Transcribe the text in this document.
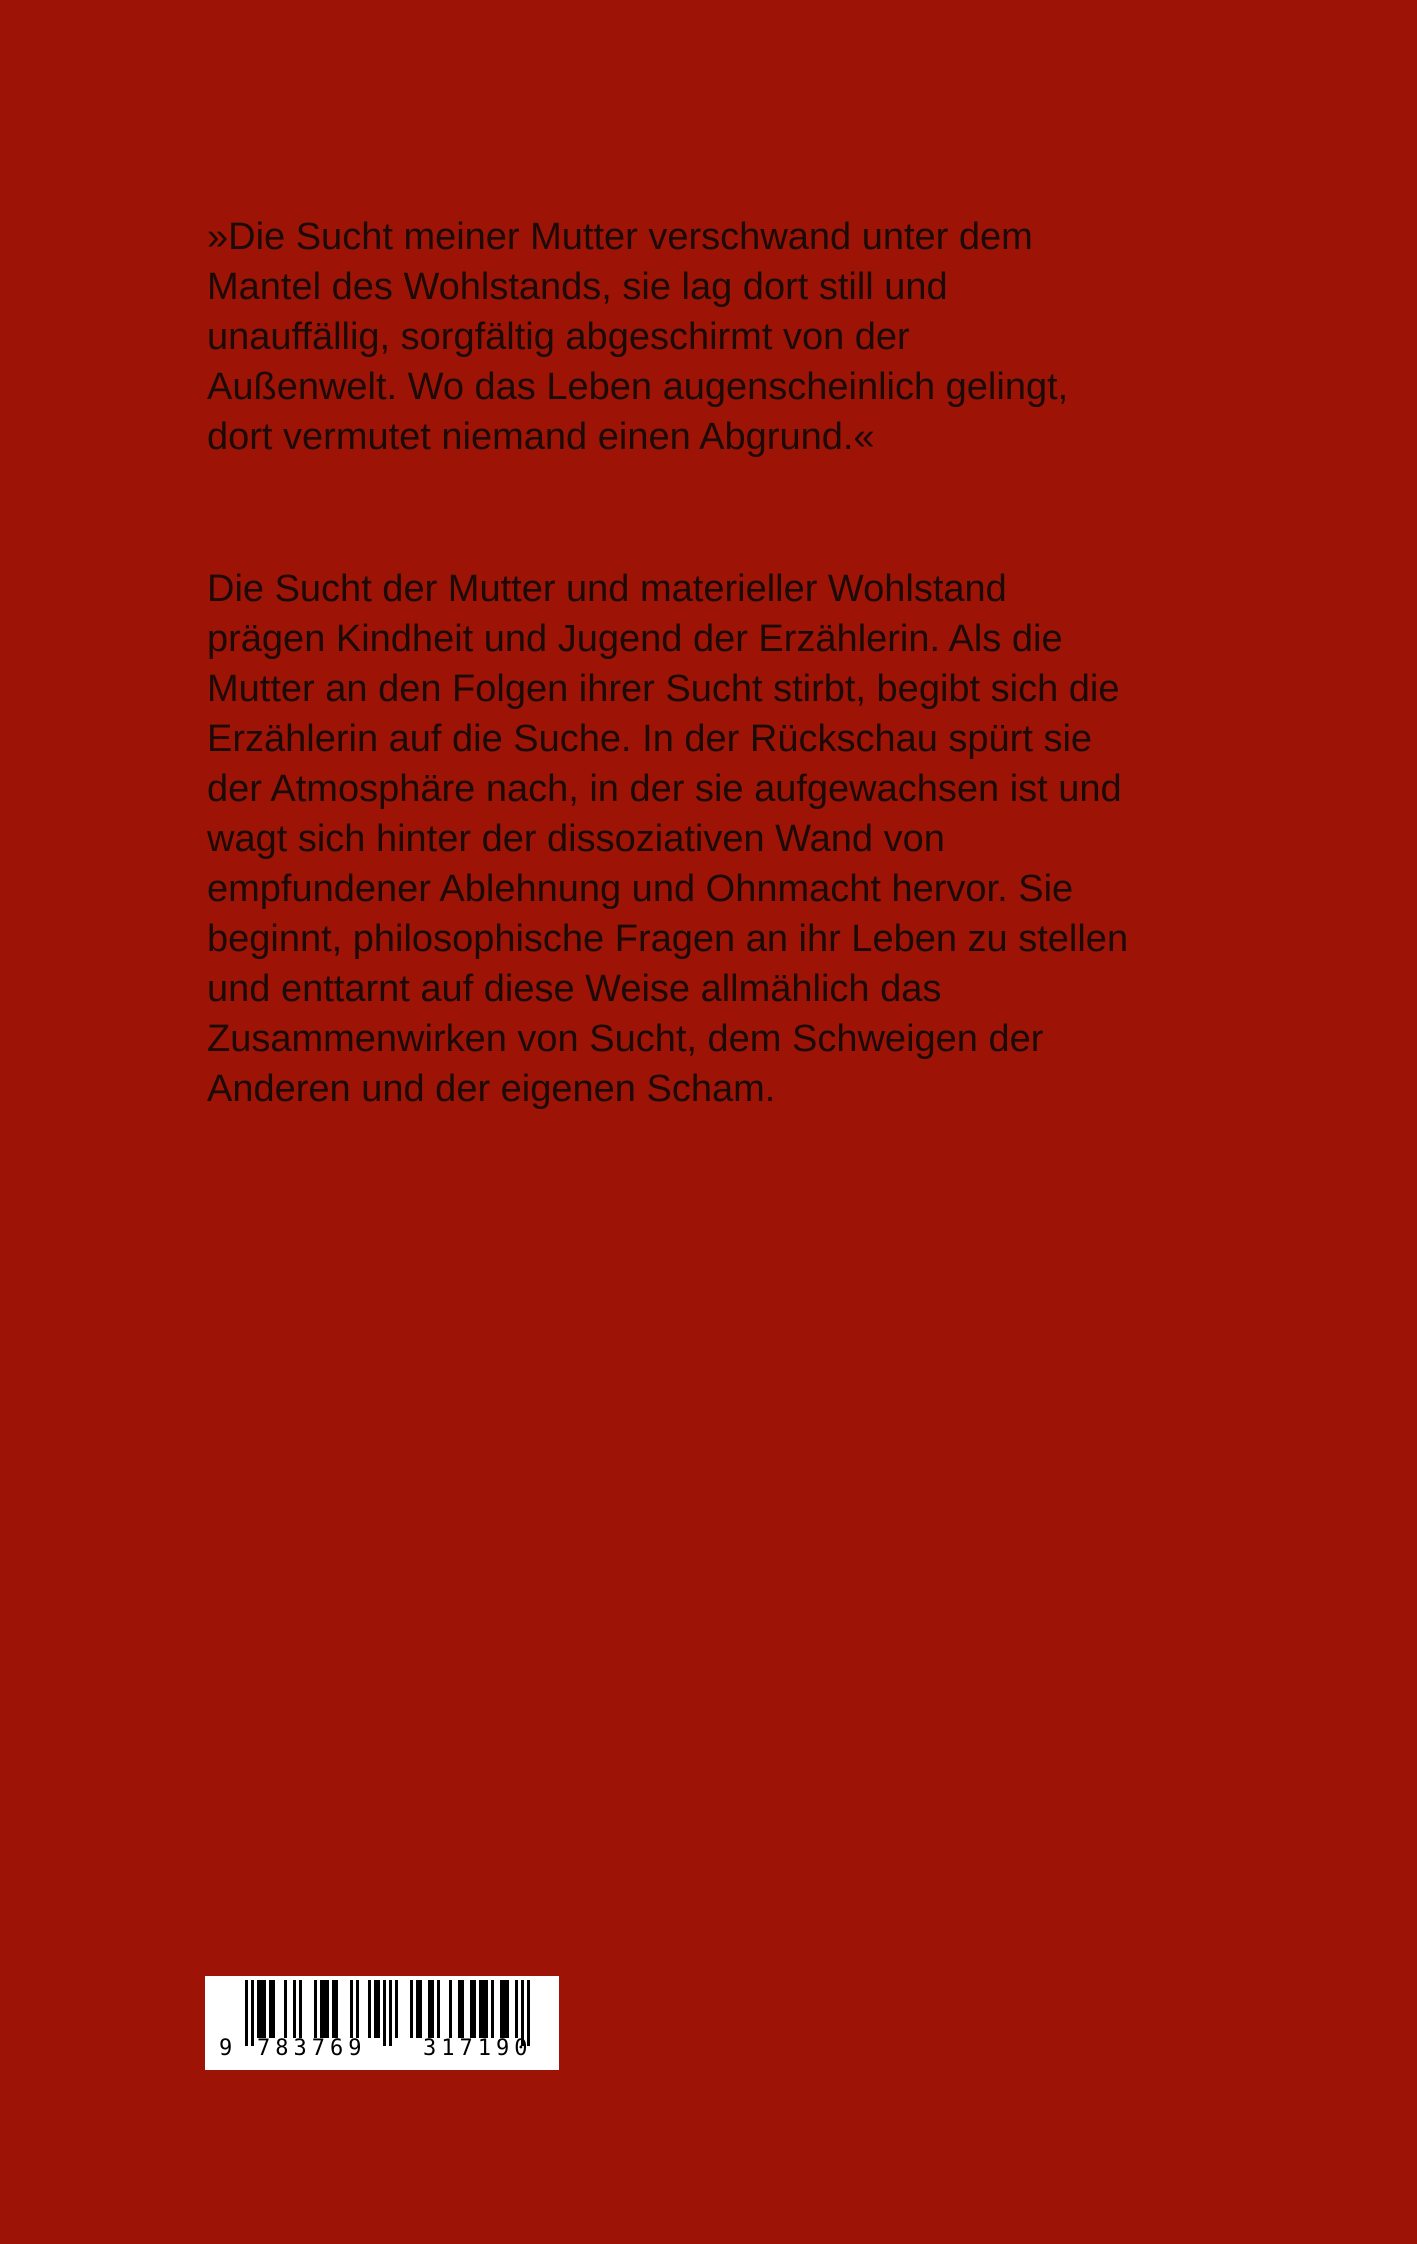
»Die Sucht meiner Mutter verschwand unter dem
Mantel des Wohlstands, sie lag dort still und
unauffällig, sorgfältig abgeschirmt von der
Außenwelt. Wo das Leben augenscheinlich gelingt,
dort vermutet niemand einen Abgrund.«
Die Sucht der Mutter und materieller Wohlstand
prägen Kindheit und Jugend der Erzählerin. Als die
Mutter an den Folgen ihrer Sucht stirbt, begibt sich die
Erzählerin auf die Suche. In der Rückschau spürt sie
der Atmosphäre nach, in der sie aufgewachsen ist und
wagt sich hinter der dissoziativen Wand von
empfundener Ablehnung und Ohnmacht hervor. Sie
beginnt, philosophische Fragen an ihr Leben zu stellen
und enttarnt auf diese Weise allmählich das
Zusammenwirken von Sucht, dem Schweigen der
Anderen und der eigenen Scham.
9 783769	317190
